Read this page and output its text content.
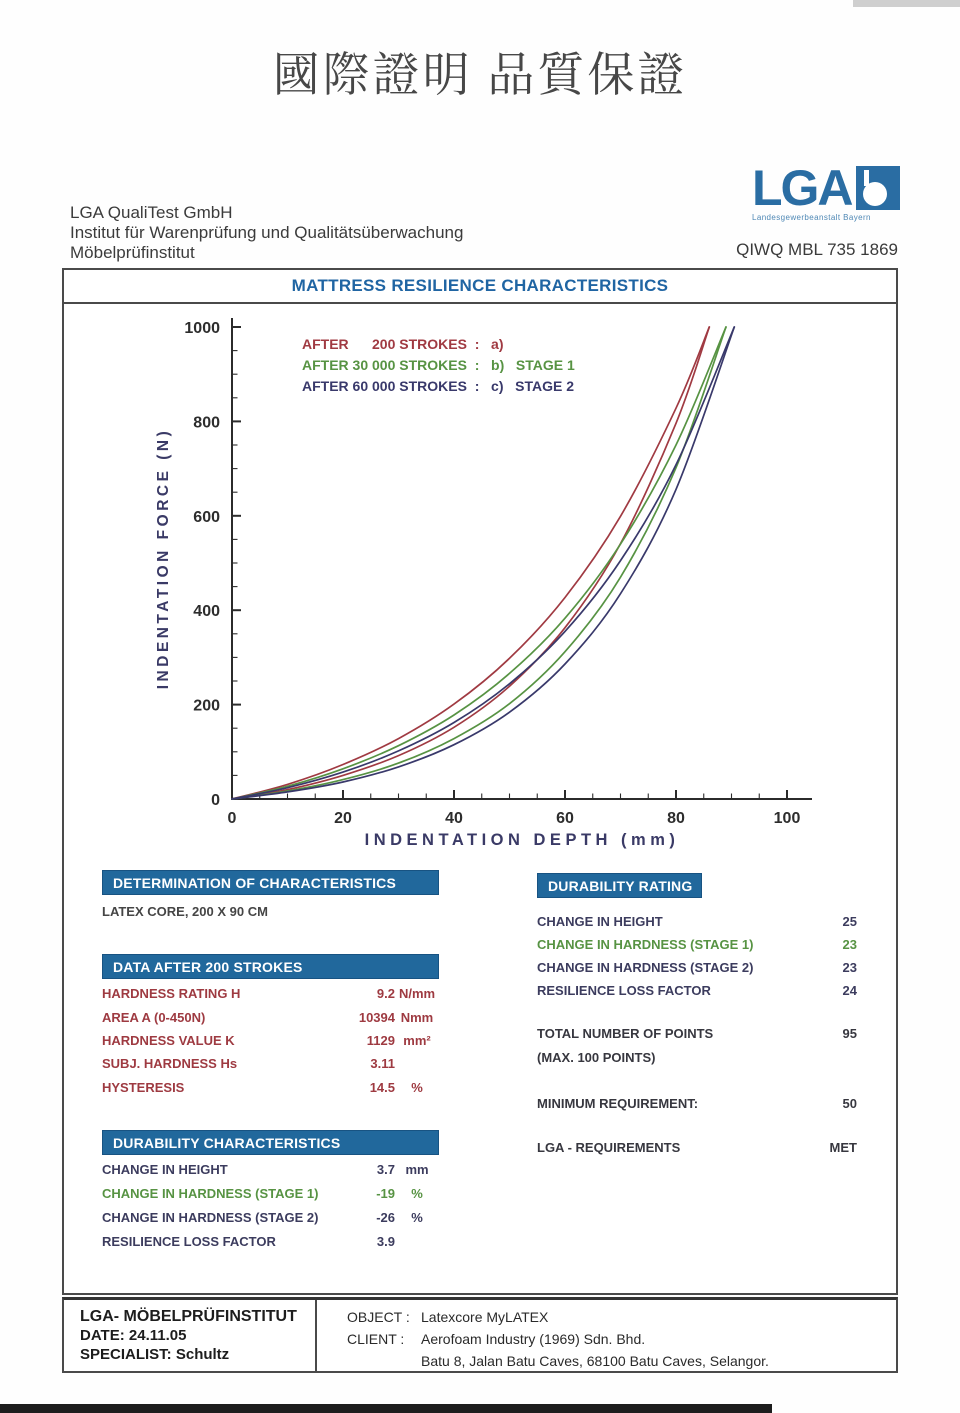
國際證明 品質保證
LGA QualiTest GmbH
Institut für Warenprüfung und Qualitätsüberwachung
Möbelprüfinstitut
LGA
Landesgewerbeanstalt Bayern
QIWQ MBL 735 1869
MATTRESS RESILIENCE CHARACTERISTICS
0	20	40	60	80	100
0
200
400
600
800
1000
INDENTATION DEPTH (mm)
INDENTATION FORCE (N)
AFTER      200 STROKES  :   a)
AFTER 30 000 STROKES  :   b)   STAGE 1
AFTER 60 000 STROKES  :   c)   STAGE 2
DETERMINATION OF CHARACTERISTICS
LATEX CORE, 200 X 90 CM
DATA AFTER 200 STROKES
HARDNESS RATING H	9.2 N/mm
AREA A (0-450N)	10394 Nmm
HARDNESS VALUE K	1129 mm²
SUBJ. HARDNESS Hs	3.11
HYSTERESIS	14.5	%
DURABILITY CHARACTERISTICS
CHANGE IN HEIGHT	3.7 mm
CHANGE IN HARDNESS (STAGE 1)	-19	%
CHANGE IN HARDNESS (STAGE 2)	-26	%
RESILIENCE LOSS FACTOR	3.9
DURABILITY RATING
CHANGE IN HEIGHT	25
CHANGE IN HARDNESS (STAGE 1)	23
CHANGE IN HARDNESS (STAGE 2)	23
RESILIENCE LOSS FACTOR	24
TOTAL NUMBER OF POINTS	95
(MAX. 100 POINTS)
MINIMUM REQUIREMENT:	50
LGA - REQUIREMENTS	MET
LGA- MÖBELPRÜFINSTITUT
DATE: 24.11.05
SPECIALIST: Schultz
OBJECT : Latexcore MyLATEX
CLIENT :	Aerofoam Industry (1969) Sdn. Bhd.
Batu 8, Jalan Batu Caves, 68100 Batu Caves, Selangor.
